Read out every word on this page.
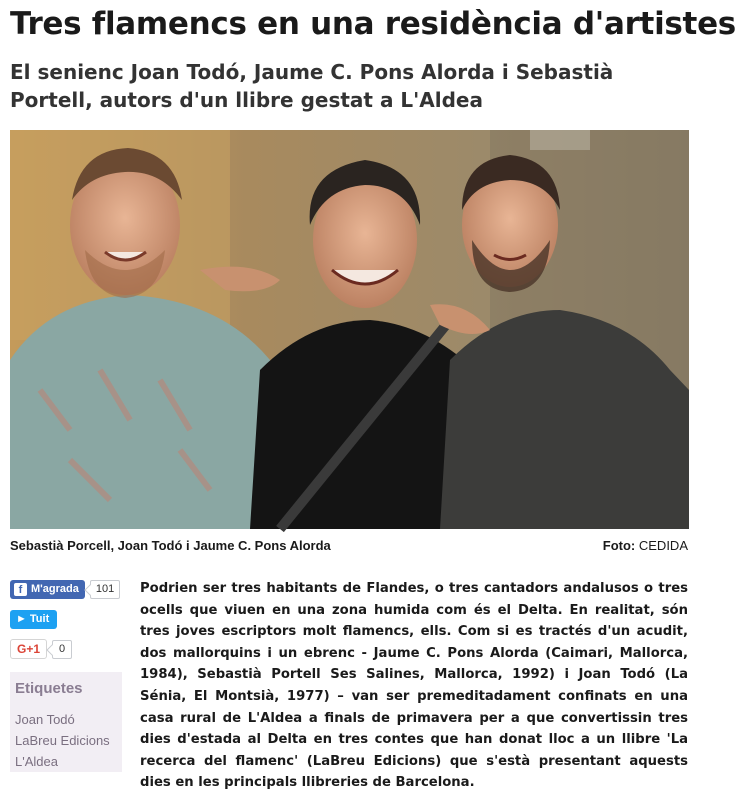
Tres flamencs en una residència d'artistes
El senienc Joan Todó, Jaume C. Pons Alorda i Sebastià Portell, autors d'un llibre gestat a L'Aldea
Sebastià Porcell, Joan Todó i Jaume C. Pons Alorda	Foto: CEDIDA
f M'agrada	101
► Tuit
G+1	0
Etiquetes
Joan Todó
LaBreu Edicions
L'Aldea

Podrien ser tres habitants de Flandes, o tres cantadors andalusos o tres ocells que viuen en una zona humida com és el Delta. En realitat, són tres joves escriptors molt flamencs, ells. Com si es tractés d'un acudit, dos mallorquins i un ebrenc - Jaume C. Pons Alorda (Caimari, Mallorca, 1984), Sebastià Portell Ses Salines, Mallorca, 1992) i Joan Todó (La Sénia, El Montsià, 1977) – van ser premeditadament confinats en una casa rural de L'Aldea a finals de primavera per a que convertissin tres dies d'estada al Delta en tres contes que han donat lloc a un llibre 'La recerca del flamenc' (LaBreu Edicions) que s'està presentant aquests dies en les principals llibreries de Barcelona.
